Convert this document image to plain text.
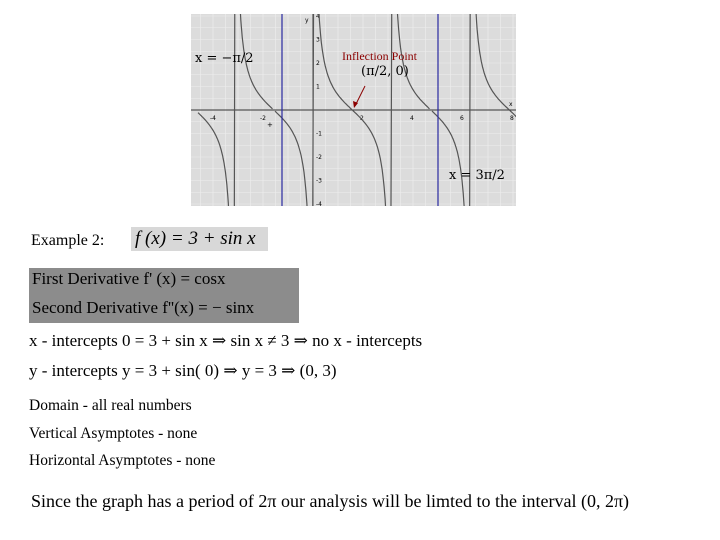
-4	-2	2	4	6	8
4
3
2
1
-1
-2
-3
-4
x
y
+
x = −π/2	Inflection Point
(π/2, 0)
x = 3π/2
Example 2: f (x) = 3 + sin x
First Derivative f' (x) = cosx
Second Derivative f''(x) = − sinx
x - intercepts 0 = 3 + sin x ⇒ sin x ≠ 3 ⇒ no x - intercepts
y - intercepts y = 3 + sin( 0) ⇒ y = 3 ⇒ (0, 3)
Domain - all real numbers
Vertical Asymptotes - none
Horizontal Asymptotes - none
Since the graph has a period of 2π our analysis will be limted to the interval (0, 2π)
